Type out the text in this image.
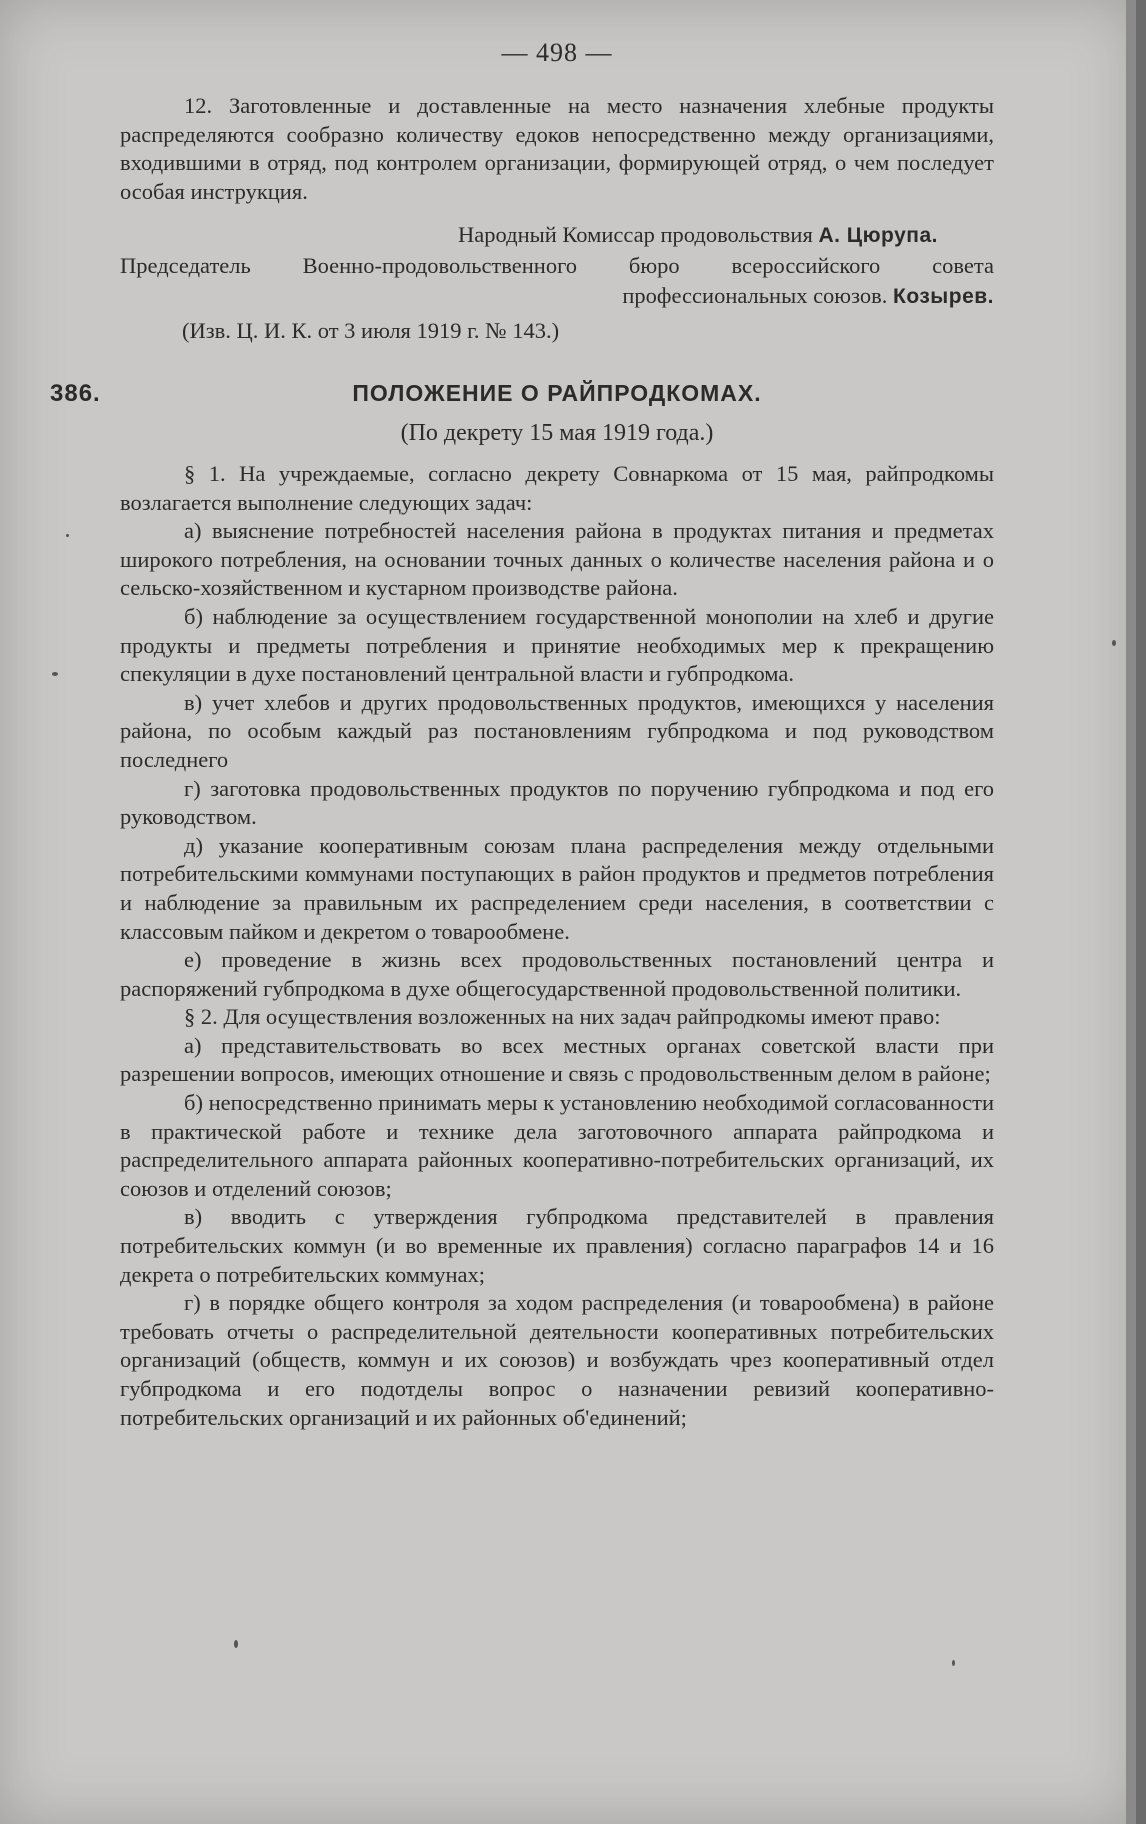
386.
— 498 —

12. Заготовленные и доставленные на место назначения хлебные продукты распределяются сообразно количеству едоков непосредственно между организациями, входившими в отряд, под контролем организации, формирующей отряд, о чем последует особая инструкция.

Народный Комиссар продовольствия А. Цюрупа.

Председатель Военно-продовольственного бюро всероссийского совета профессиональных союзов. Козырев.

(Изв. Ц. И. К. от 3 июля 1919 г. № 143.)

ПОЛОЖЕНИЕ О РАЙПРОДКОМАХ.
(По декрету 15 мая 1919 года.)

§ 1. На учреждаемые, согласно декрету Совнаркома от 15 мая, райпродкомы возлагается выполнение следующих задач:

а) выяснение потребностей населения района в продуктах питания и предметах широкого потребления, на основании точных данных о количестве населения района и о сельско-хозяйственном и кустарном производстве района.

б) наблюдение за осуществлением государственной монополии на хлеб и другие продукты и предметы потребления и принятие необходимых мер к прекращению спекуляции в духе постановлений центральной власти и губпродкома.

в) учет хлебов и других продовольственных продуктов, имеющихся у населения района, по особым каждый раз постановлениям губпродкома и под руководством последнего

г) заготовка продовольственных продуктов по поручению губпродкома и под его руководством.

д) указание кооперативным союзам плана распределения между отдельными потребительскими коммунами поступающих в район продуктов и предметов потребления и наблюдение за правильным их распределением среди населения, в соответствии с классовым пайком и декретом о товарообмене.

е) проведение в жизнь всех продовольственных постановлений центра и распоряжений губпродкома в духе общегосударственной продовольственной политики.

§ 2. Для осуществления возложенных на них задач райпродкомы имеют право:

а) представительствовать во всех местных органах советской власти при разрешении вопросов, имеющих отношение и связь с продовольственным делом в районе;

б) непосредственно принимать меры к установлению необходимой согласованности в практической работе и технике дела заготовочного аппарата райпродкома и распределительного аппарата районных кооперативно-потребительских организаций, их союзов и отделений союзов;

в) вводить с утверждения губпродкома представителей в правления потребительских коммун (и во временные их правления) согласно параграфов 14 и 16 декрета о потребительских коммунах;

г) в порядке общего контроля за ходом распределения (и товарообмена) в районе требовать отчеты о распределительной деятельности кооперативных потребительских организаций (обществ, коммун и их союзов) и возбуждать чрез кооперативный отдел губпродкома и его подотделы вопрос о назначении ревизий кооперативно-потребительских организаций и их районных об'единений;
